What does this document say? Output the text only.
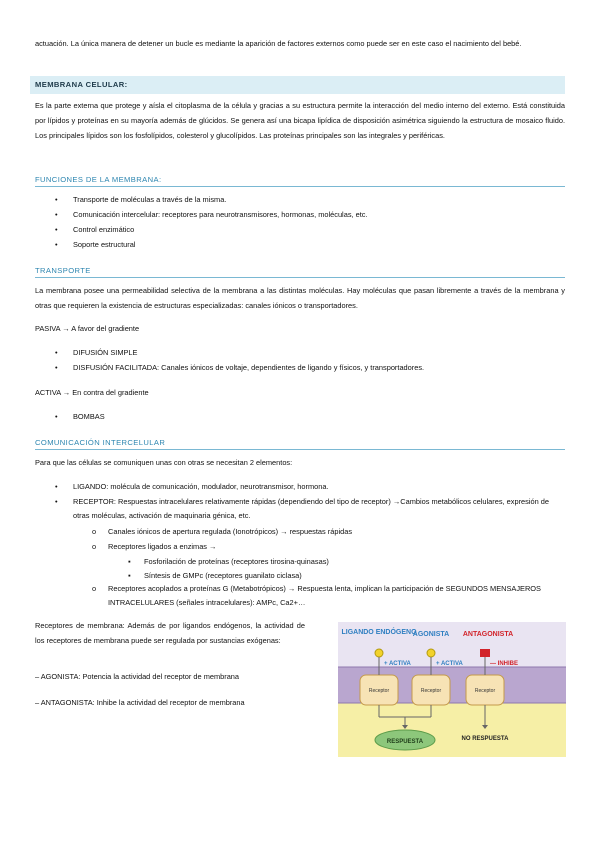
actuación. La única manera de detener un bucle es mediante la aparición de factores externos como puede ser en este caso el nacimiento del bebé.
MEMBRANA CELULAR:
Es la parte externa que protege y aísla el citoplasma de la célula y gracias a su estructura permite la interacción del medio interno del externo. Está constituida por lípidos y proteínas en su mayoría además de glúcidos. Se genera así una bicapa lipídica de disposición asimétrica siguiendo la estructura de mosaico fluido. Los principales lípidos son los fosfolípidos, colesterol y glucolípidos. Las proteínas principales son las integrales y periféricas.
FUNCIONES DE LA MEMBRANA:
• Transporte de moléculas a través de la misma.
• Comunicación intercelular: receptores para neurotransmisores, hormonas, moléculas, etc.
• Control enzimático
• Soporte estructural
TRANSPORTE
La membrana posee una permeabilidad selectiva de la membrana a las distintas moléculas. Hay moléculas que pasan libremente a través de la membrana y otras que requieren la existencia de estructuras especializadas: canales iónicos o transportadores.
PASIVA → A favor del gradiente
• DIFUSIÓN SIMPLE
• DISFUSIÓN FACILITADA: Canales iónicos de voltaje, dependientes de ligando y físicos, y transportadores.
ACTIVA → En contra del gradiente
• BOMBAS
COMUNICACIÓN INTERCELULAR
Para que las células se comuniquen unas con otras se necesitan 2 elementos:
• LIGANDO: molécula de comunicación, modulador, neurotransmisor, hormona.
• RECEPTOR: Respuestas intracelulares relativamente rápidas (dependiendo del tipo de receptor) →Cambios metabólicos celulares, expresión de otras moléculas, activación de maquinaria génica, etc.
o Canales iónicos de apertura regulada (Ionotrópicos) → respuestas rápidas
o Receptores ligados a enzimas →
▪ Fosforilación de proteínas (receptores tirosina-quinasas)
▪ Síntesis de GMPc (receptores guanilato ciclasa)
o Receptores acoplados a proteínas G (Metabotrópicos) → Respuesta lenta, implican la participación de SEGUNDOS MENSAJEROS INTRACELULARES (señales intracelulares): AMPc, Ca2+…
Receptores de membrana: Además de por ligandos endógenos, la actividad de los receptores de membrana puede ser regulada por sustancias exógenas:
– AGONISTA: Potencia la actividad del receptor de membrana
– ANTAGONISTA: Inhibe la actividad del receptor de membrana
LIGANDO ENDÓGENO
AGONISTA ANTAGONISTA
+ ACTIVA	+ ACTIVA	— INHIBE
Receptor	Receptor	Receptor
RESPUESTA	NO RESPUESTA
